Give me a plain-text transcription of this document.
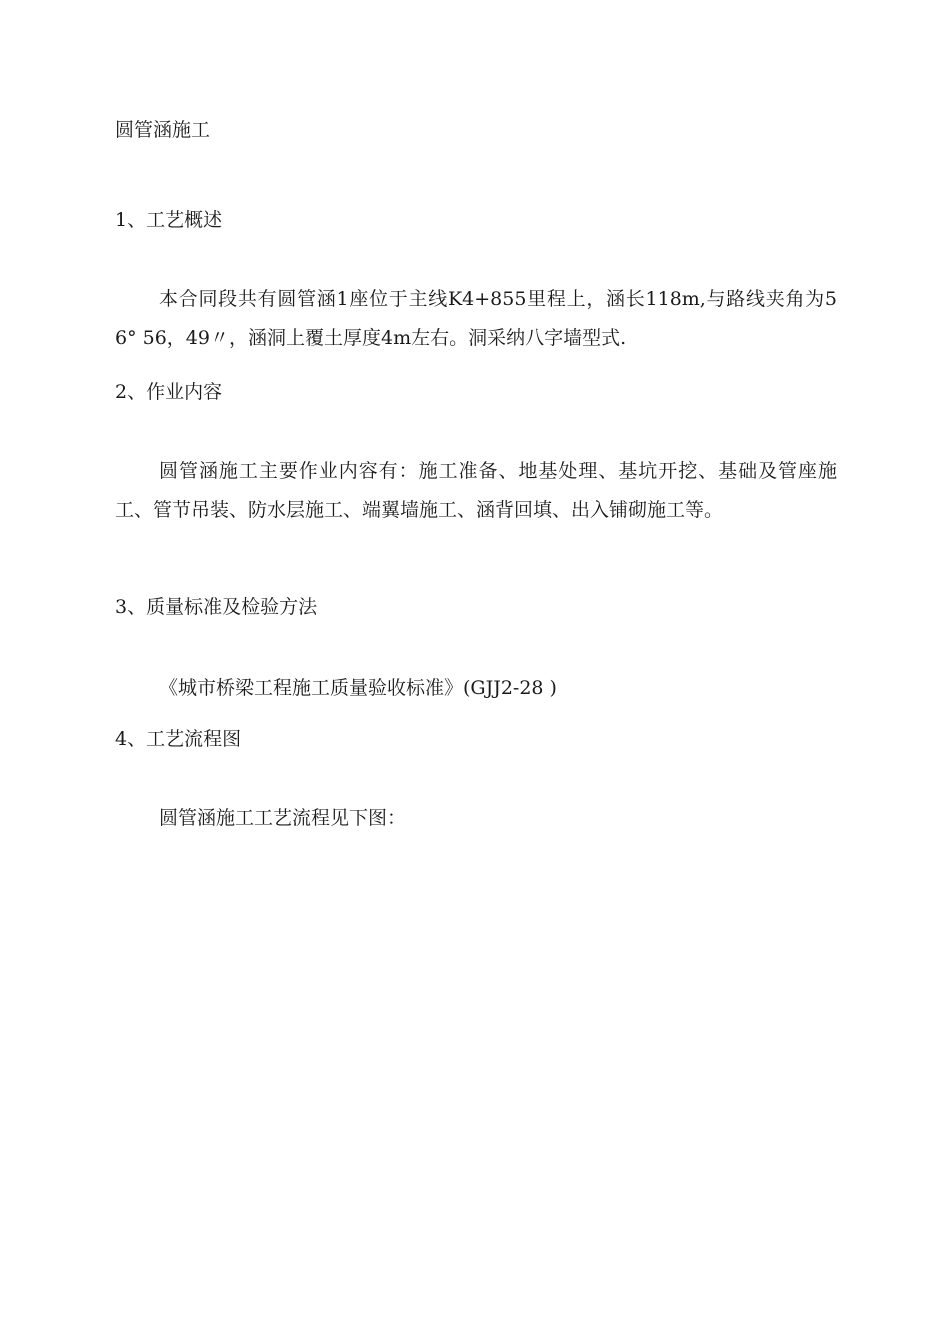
圆管涵施工
1、工艺概述
本合同段共有圆管涵1座位于主线K4+855里程上，涵长118m,与路线夹角为56° 56，49〃，涵洞上覆土厚度4m左右。洞采纳八字墙型式.
2、作业内容
圆管涵施工主要作业内容有：施工准备、地基处理、基坑开挖、基础及管座施工、管节吊装、防水层施工、端翼墙施工、涵背回填、出入铺砌施工等。
3、质量标准及检验方法
《城市桥梁工程施工质量验收标准》(GJJ2-28 )
4、工艺流程图
圆管涵施工工艺流程见下图：
